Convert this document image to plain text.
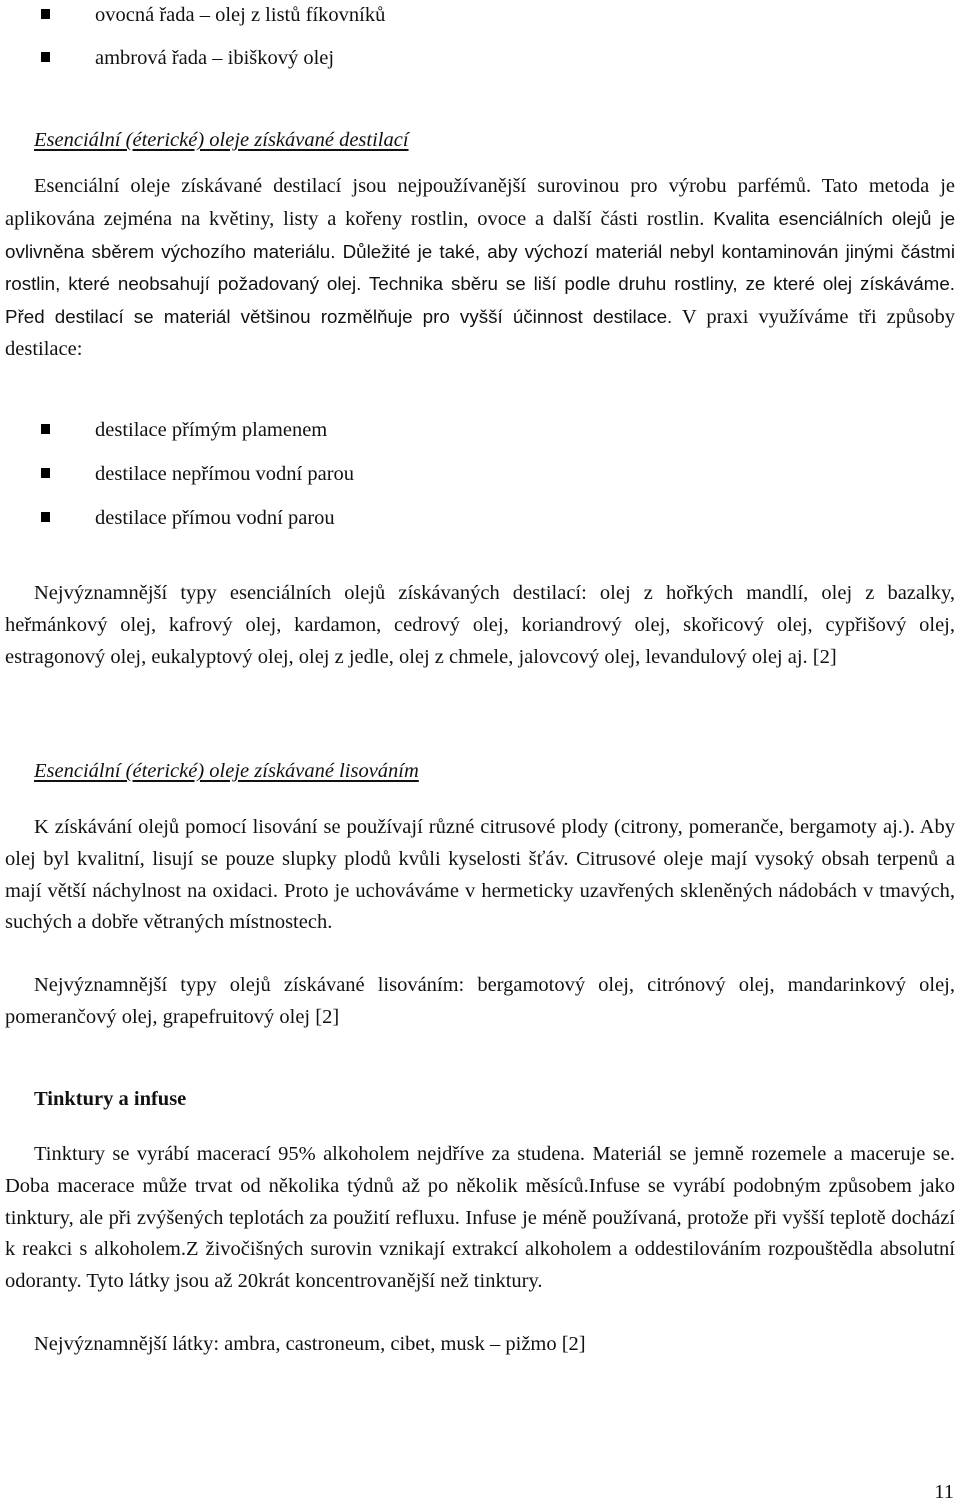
ovocná řada – olej z listů fíkovníků
ambrová řada – ibiškový olej
Esenciální (éterické) oleje získávané destilací

Esenciální oleje získávané destilací jsou nejpoužívanější surovinou pro výrobu parfémů. Tato metoda je aplikována zejména na květiny, listy a kořeny rostlin, ovoce a další části rostlin. Kvalita esenciálních olejů je ovlivněna sběrem výchozího materiálu. Důležité je také, aby výchozí materiál nebyl kontaminován jinými částmi rostlin, které neobsahují požadovaný olej. Technika sběru se liší podle druhu rostliny, ze které olej získáváme. Před destilací se materiál většinou rozmělňuje pro vyšší účinnost destilace. V praxi využíváme tři způsoby destilace:

destilace přímým plamenem
destilace nepřímou vodní parou
destilace přímou vodní parou

Nejvýznamnější typy esenciálních olejů získávaných destilací: olej z hořkých mandlí, olej z bazalky, heřmánkový olej, kafrový olej, kardamon, cedrový olej, koriandrový olej, skořicový olej, cypřišový olej, estragonový olej, eukalyptový olej, olej z jedle, olej z chmele, jalovcový olej, levandulový olej aj. [2]

Esenciální (éterické) oleje získávané lisováním

K získávání olejů pomocí lisování se používají různé citrusové plody (citrony, pomeranče, bergamoty aj.). Aby olej byl kvalitní, lisují se pouze slupky plodů kvůli kyselosti šťáv. Citrusové oleje mají vysoký obsah terpenů a mají větší náchylnost na oxidaci. Proto je uchováváme v hermeticky uzavřených skleněných nádobách v tmavých, suchých a dobře větraných místnostech.

Nejvýznamnější typy olejů získávané lisováním: bergamotový olej, citrónový olej, mandarinkový olej, pomerančový olej, grapefruitový olej [2]

Tinktury a infuse

Tinktury se vyrábí macerací 95% alkoholem nejdříve za studena. Materiál se jemně rozemele a maceruje se. Doba macerace může trvat od několika týdnů až po několik měsíců.Infuse se vyrábí podobným způsobem jako tinktury, ale při zvýšených teplotách za použití refluxu. Infuse je méně používaná, protože při vyšší teplotě dochází k reakci s alkoholem.Z živočišných surovin vznikají extrakcí alkoholem a oddestilováním rozpouštědla absolutní odoranty. Tyto látky jsou až 20krát koncentrovanější než tinktury.

Nejvýznamnější látky: ambra, castroneum, cibet, musk – pižmo [2]

11
